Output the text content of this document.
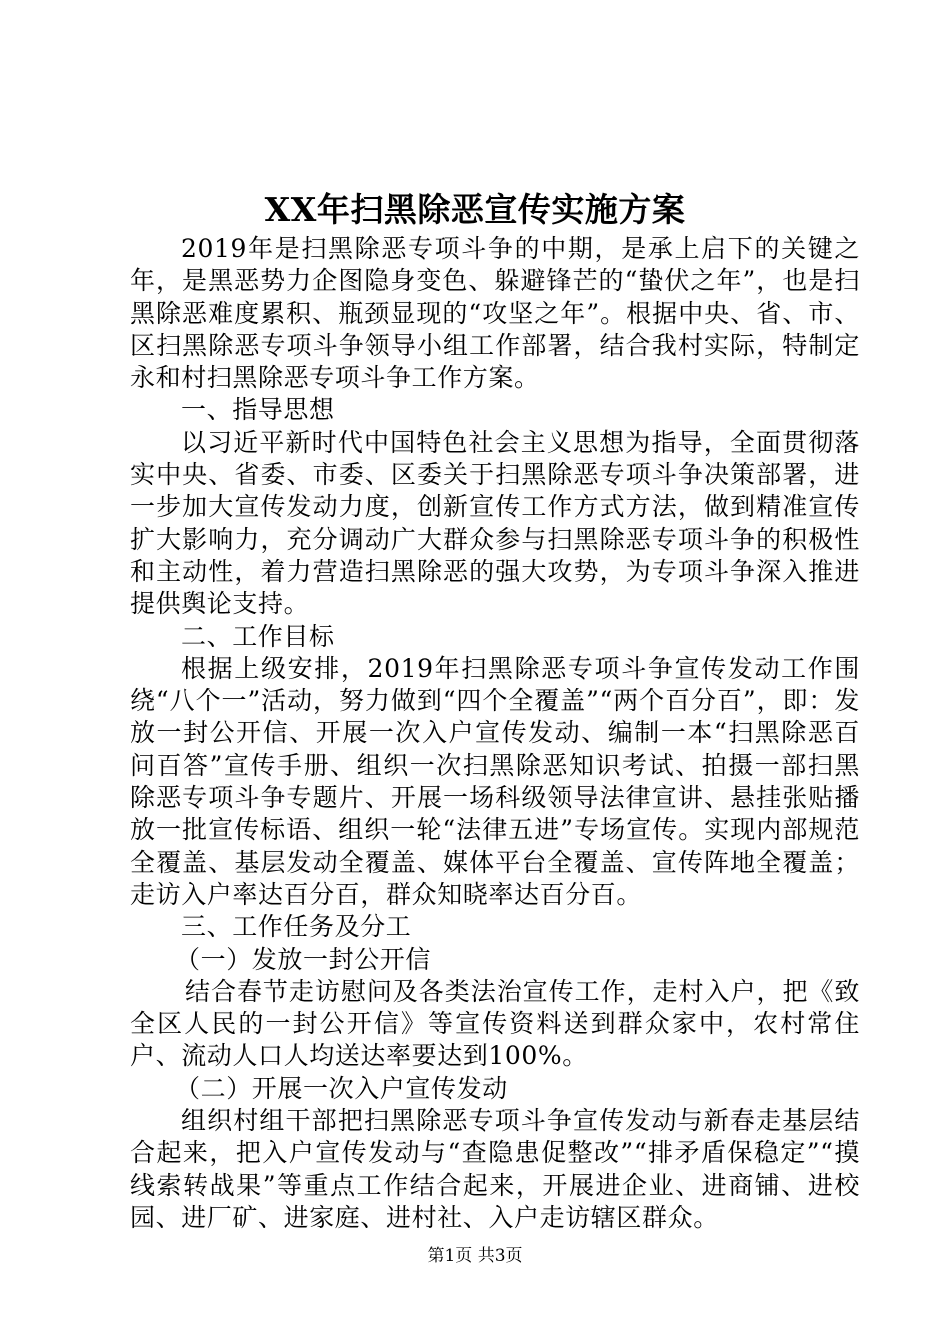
XX年扫黑除恶宣传实施方案

2019年是扫黑除恶专项斗争的中期，是承上启下的关键之年，是黑恶势力企图隐身变色、躲避锋芒的“蛰伏之年”，也是扫黑除恶难度累积、瓶颈显现的“攻坚之年”。根据中央、省、市、区扫黑除恶专项斗争领导小组工作部署，结合我村实际，特制定永和村扫黑除恶专项斗争工作方案。

一、指导思想

以习近平新时代中国特色社会主义思想为指导，全面贯彻落实中央、省委、市委、区委关于扫黑除恶专项斗争决策部署，进一步加大宣传发动力度，创新宣传工作方式方法，做到精准宣传扩大影响力，充分调动广大群众参与扫黑除恶专项斗争的积极性和主动性，着力营造扫黑除恶的强大攻势，为专项斗争深入推进提供舆论支持。

二、工作目标

根据上级安排，2019年扫黑除恶专项斗争宣传发动工作围绕“八个一”活动，努力做到“四个全覆盖”“两个百分百”，即：发放一封公开信、开展一次入户宣传发动、编制一本“扫黑除恶百问百答”宣传手册、组织一次扫黑除恶知识考试、拍摄一部扫黑除恶专项斗争专题片、开展一场科级领导法律宣讲、悬挂张贴播放一批宣传标语、组织一轮“法律五进”专场宣传。实现内部规范全覆盖、基层发动全覆盖、媒体平台全覆盖、宣传阵地全覆盖；走访入户率达百分百，群众知晓率达百分百。

三、工作任务及分工

（一）发放一封公开信

结合春节走访慰问及各类法治宣传工作，走村入户，把《致全区人民的一封公开信》等宣传资料送到群众家中，农村常住户、流动人口人均送达率要达到100%。

（二）开展一次入户宣传发动

组织村组干部把扫黑除恶专项斗争宣传发动与新春走基层结合起来，把入户宣传发动与“查隐患促整改”“排矛盾保稳定”“摸线索转战果”等重点工作结合起来，开展进企业、进商铺、进校园、进厂矿、进家庭、进村社、入户走访辖区群众。

第1页 共3页
